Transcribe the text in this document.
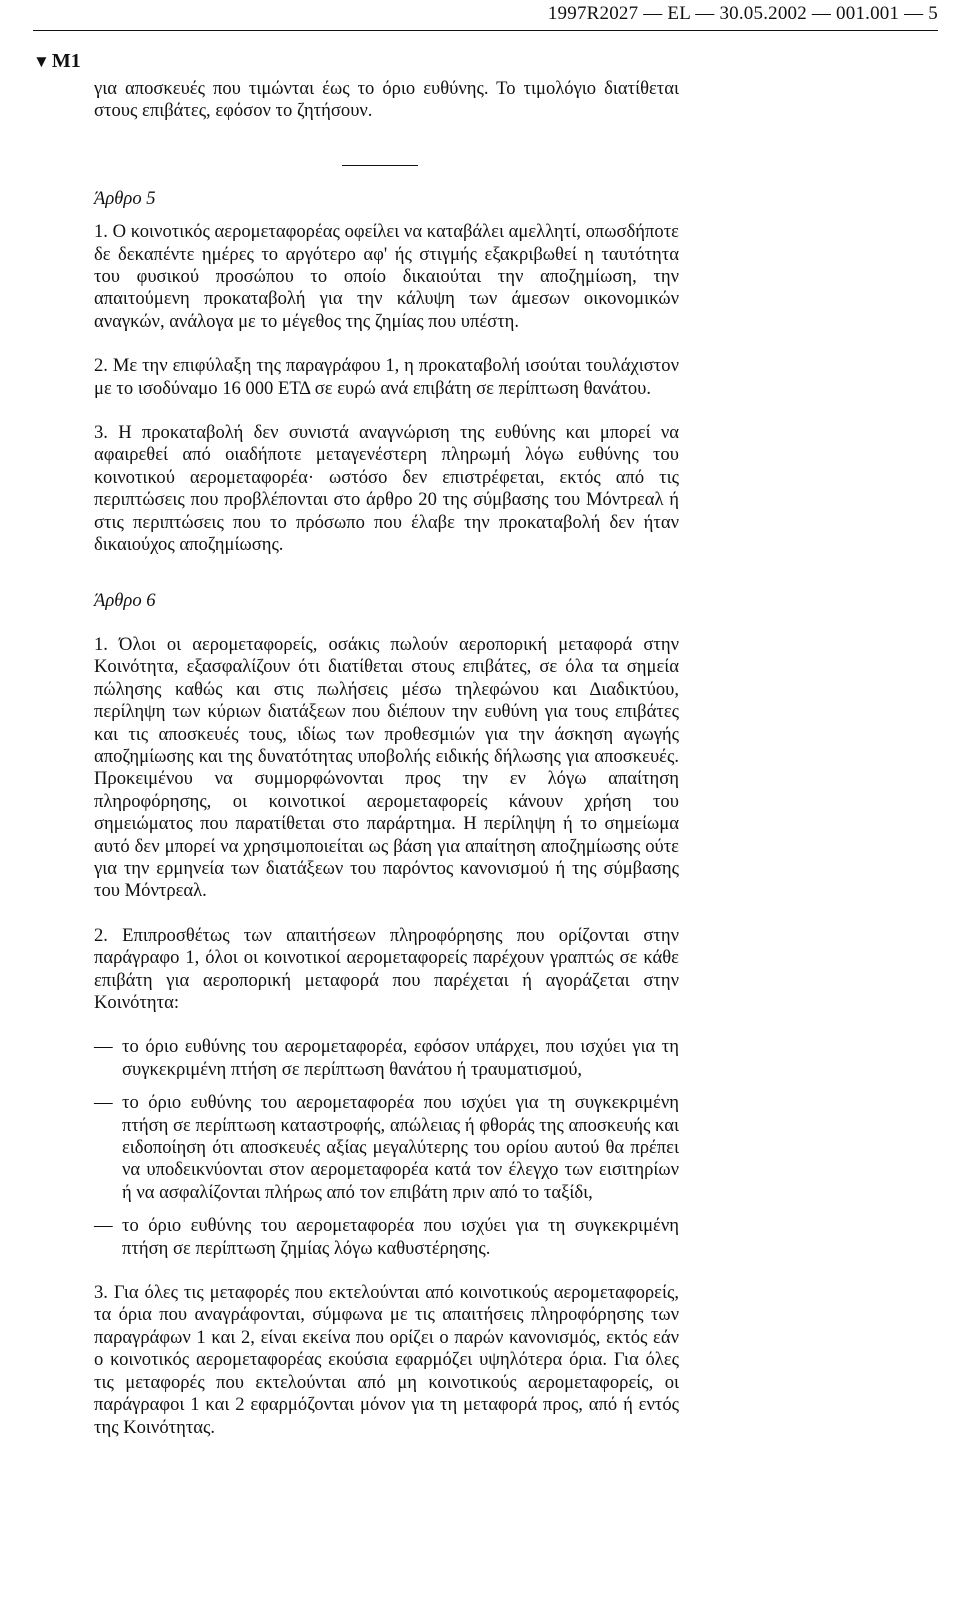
1997R2027 — EL — 30.05.2002 — 001.001 — 5
▼ M1

για αποσκευές που τιμώνται έως το όριο ευθύνης. Το τιμολόγιο διατίθεται στους επιβάτες, εφόσον το ζητήσουν.

Άρθρο 5

1. Ο κοινοτικός αερομεταφορέας οφείλει να καταβάλει αμελλητί, οπωσδήποτε δε δεκαπέντε ημέρες το αργότερο αφ' ής στιγμής εξακριβωθεί η ταυτότητα του φυσικού προσώπου το οποίο δικαιούται την αποζημίωση, την απαιτούμενη προκαταβολή για την κάλυψη των άμεσων οικονομικών αναγκών, ανάλογα με το μέγεθος της ζημίας που υπέστη.

2. Με την επιφύλαξη της παραγράφου 1, η προκαταβολή ισούται τουλάχιστον με το ισοδύναμο 16 000 ΕΤΔ σε ευρώ ανά επιβάτη σε περίπτωση θανάτου.

3. Η προκαταβολή δεν συνιστά αναγνώριση της ευθύνης και μπορεί να αφαιρεθεί από οιαδήποτε μεταγενέστερη πληρωμή λόγω ευθύνης του κοινοτικού αερομεταφορέα· ωστόσο δεν επιστρέφεται, εκτός από τις περιπτώσεις που προβλέπονται στο άρθρο 20 της σύμβασης του Μόντρεαλ ή στις περιπτώσεις που το πρόσωπο που έλαβε την προκαταβολή δεν ήταν δικαιούχος αποζημίωσης.

Άρθρο 6

1. Όλοι οι αερομεταφορείς, οσάκις πωλούν αεροπορική μεταφορά στην Κοινότητα, εξασφαλίζουν ότι διατίθεται στους επιβάτες, σε όλα τα σημεία πώλησης καθώς και στις πωλήσεις μέσω τηλεφώνου και Διαδικτύου, περίληψη των κύριων διατάξεων που διέπουν την ευθύνη για τους επιβάτες και τις αποσκευές τους, ιδίως των προθεσμιών για την άσκηση αγωγής αποζημίωσης και της δυνατότητας υποβολής ειδικής δήλωσης για αποσκευές. Προκειμένου να συμμορφώνονται προς την εν λόγω απαίτηση πληροφόρησης, οι κοινοτικοί αερομεταφορείς κάνουν χρήση του σημειώματος που παρατίθεται στο παράρτημα. Η περίληψη ή το σημείωμα αυτό δεν μπορεί να χρησιμοποιείται ως βάση για απαίτηση αποζημίωσης ούτε για την ερμηνεία των διατάξεων του παρόντος κανονισμού ή της σύμβασης του Μόντρεαλ.

2. Επιπροσθέτως των απαιτήσεων πληροφόρησης που ορίζονται στην παράγραφο 1, όλοι οι κοινοτικοί αερομεταφορείς παρέχουν γραπτώς σε κάθε επιβάτη για αεροπορική μεταφορά που παρέχεται ή αγοράζεται στην Κοινότητα:

— το όριο ευθύνης του αερομεταφορέα, εφόσον υπάρχει, που ισχύει για τη συγκεκριμένη πτήση σε περίπτωση θανάτου ή τραυματισμού,
— το όριο ευθύνης του αερομεταφορέα που ισχύει για τη συγκεκριμένη πτήση σε περίπτωση καταστροφής, απώλειας ή φθοράς της αποσκευής και ειδοποίηση ότι αποσκευές αξίας μεγαλύτερης του ορίου αυτού θα πρέπει να υποδεικνύονται στον αερομεταφορέα κατά τον έλεγχο των εισιτηρίων ή να ασφαλίζονται πλήρως από τον επιβάτη πριν από το ταξίδι,
— το όριο ευθύνης του αερομεταφορέα που ισχύει για τη συγκεκριμένη πτήση σε περίπτωση ζημίας λόγω καθυστέρησης.

3. Για όλες τις μεταφορές που εκτελούνται από κοινοτικούς αερομεταφορείς, τα όρια που αναγράφονται, σύμφωνα με τις απαιτήσεις πληροφόρησης των παραγράφων 1 και 2, είναι εκείνα που ορίζει ο παρών κανονισμός, εκτός εάν ο κοινοτικός αερομεταφορέας εκούσια εφαρμόζει υψηλότερα όρια. Για όλες τις μεταφορές που εκτελούνται από μη κοινοτικούς αερομεταφορείς, οι παράγραφοι 1 και 2 εφαρμόζονται μόνον για τη μεταφορά προς, από ή εντός της Κοινότητας.
